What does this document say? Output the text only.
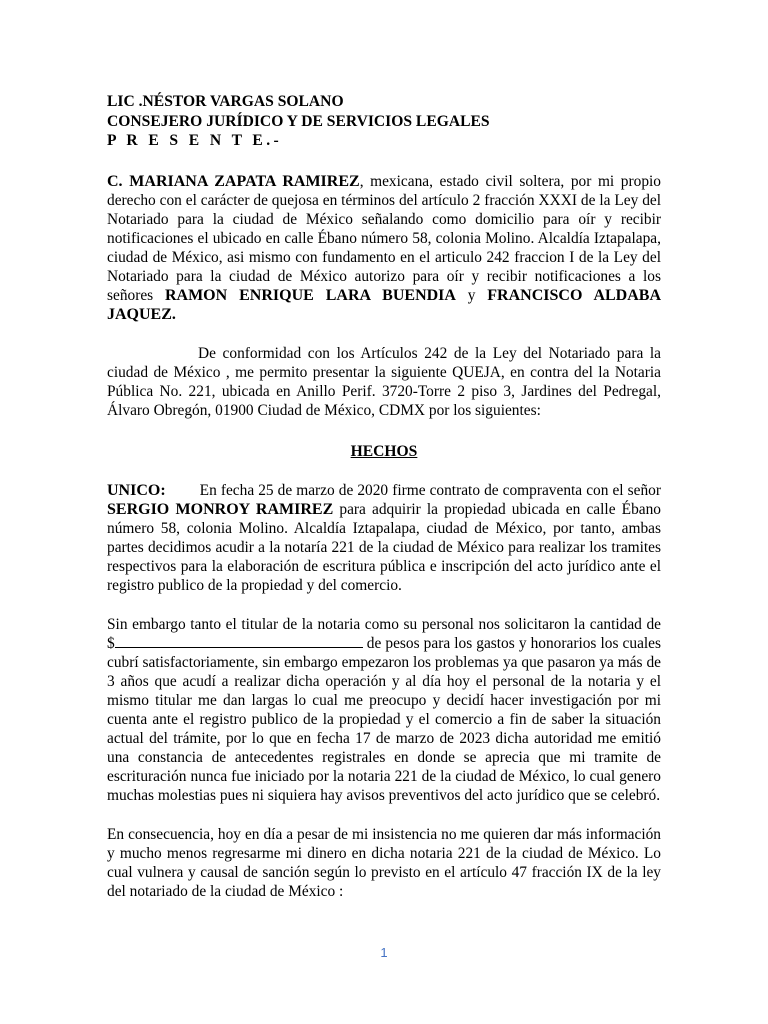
LIC .NÉSTOR VARGAS SOLANO
CONSEJERO JURÍDICO Y DE SERVICIOS LEGALES
P R E S E N T E.-

C. MARIANA ZAPATA RAMIREZ, mexicana, estado civil soltera, por mi propio derecho con el carácter de quejosa en términos del artículo 2 fracción XXXI de la Ley del Notariado para la ciudad de México señalando como domicilio para oír y recibir notificaciones el ubicado en calle Ébano número 58, colonia Molino. Alcaldía Iztapalapa, ciudad de México, asi mismo con fundamento en el articulo 242 fraccion I de la Ley del Notariado para la ciudad de México autorizo para oír y recibir notificaciones a los señores RAMON ENRIQUE LARA BUENDIA y FRANCISCO ALDABA JAQUEZ.

De conformidad con los Artículos 242 de la Ley del Notariado para la ciudad de México , me permito presentar la siguiente QUEJA, en contra del la Notaria Pública No. 221, ubicada en Anillo Perif. 3720-Torre 2 piso 3, Jardines del Pedregal, Álvaro Obregón, 01900 Ciudad de México, CDMX por los siguientes:

HECHOS

UNICO: En fecha 25 de marzo de 2020 firme contrato de compraventa con el señor SERGIO MONROY RAMIREZ para adquirir la propiedad ubicada en calle Ébano número 58, colonia Molino. Alcaldía Iztapalapa, ciudad de México, por tanto, ambas partes decidimos acudir a la notaría 221 de la ciudad de México para realizar los tramites respectivos para la elaboración de escritura pública e inscripción del acto jurídico ante el registro publico de la propiedad y del comercio.

Sin embargo tanto el titular de la notaria como su personal nos solicitaron la cantidad de $	de pesos para los gastos y honorarios los cuales cubrí satisfactoriamente, sin embargo empezaron los problemas ya que pasaron ya más de 3 años que acudí a realizar dicha operación y al día hoy el personal de la notaria y el mismo titular me dan largas lo cual me preocupo y decidí hacer investigación por mi cuenta ante el registro publico de la propiedad y el comercio a fin de saber la situación actual del trámite, por lo que en fecha 17 de marzo de 2023 dicha autoridad me emitió una constancia de antecedentes registrales en donde se aprecia que mi tramite de escrituración nunca fue iniciado por la notaria 221 de la ciudad de México, lo cual genero muchas molestias pues ni siquiera hay avisos preventivos del acto jurídico que se celebró.

En consecuencia, hoy en día a pesar de mi insistencia no me quieren dar más información y mucho menos regresarme mi dinero en dicha notaria 221 de la ciudad de México. Lo cual vulnera y causal de sanción según lo previsto en el artículo 47 fracción IX de la ley del notariado de la ciudad de México :

1
